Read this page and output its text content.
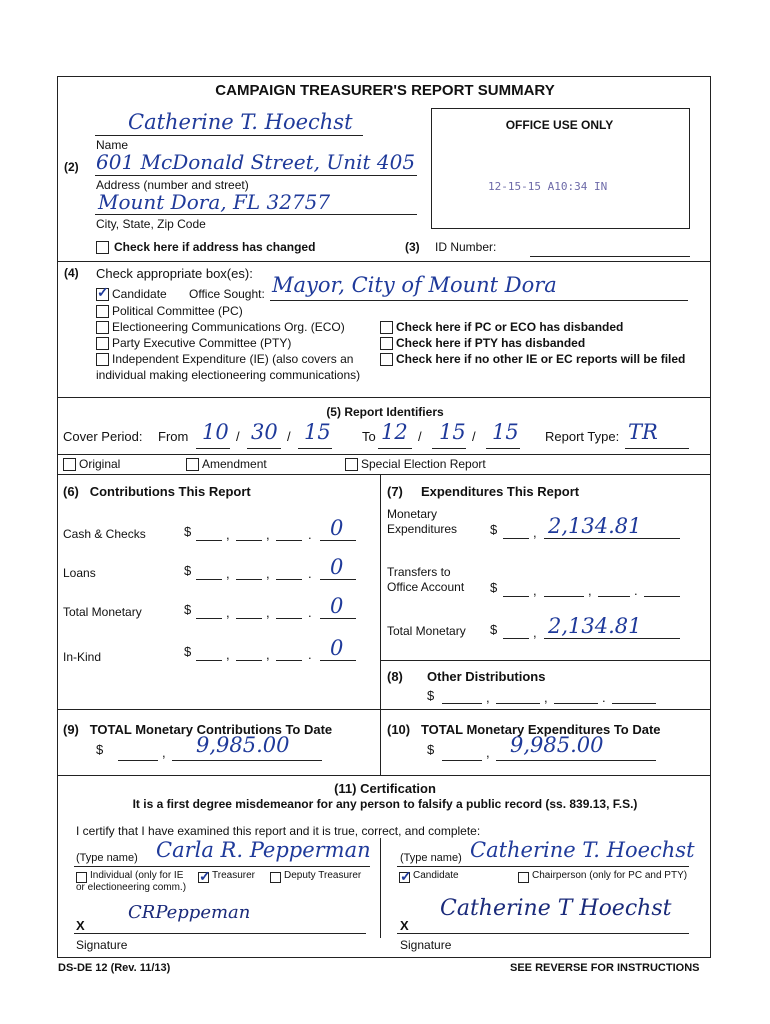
CAMPAIGN TREASURER'S REPORT SUMMARY
Catherine T. Hoechst
Name
(2) 601 McDonald Street, Unit 405
Address (number and street)
Mount Dora, FL 32757
City, State, Zip Code
Check here if address has changed
OFFICE USE ONLY
12-15-15 A10:34 IN
(3) ID Number:
(4) Check appropriate box(es):
✓
Candidate Office Sought: Mayor, City of Mount Dora
Political Committee (PC)
Electioneering Communications Org. (ECO)
Party Executive Committee (PTY)
Independent Expenditure (IE) (also covers an
individual making electioneering communications)
Check here if PC or ECO has disbanded
Check here if PTY has disbanded
Check here if no other IE or EC reports will be filed
(5) Report Identifiers
Cover Period: From 10 / 30 / 15 To 12 / 15 / 15 Report Type: TR
Original	Amendment	Special Election Report
(6)   Contributions This Report
Cash & Checks	$	,	,	. 0
Loans	$	,	,	. 0
Total Monetary	$	,	,	. 0
In-Kind	$	,	,	. 0
(7)     Expenditures This Report
Monetary
Expenditures	$	, 2,134.81
Transfers to
Office Account $	,	,	.
Total Monetary $	, 2,134.81
(8) Other Distributions
$	,	,	.
(9)   TOTAL Monetary Contributions To Date
$	, 9,985.00
(10)   TOTAL Monetary Expenditures To Date
$	, 9,985.00
(11) Certification
It is a first degree misdemeanor for any person to falsify a public record (ss. 839.13, F.S.)
I certify that I have examined this report and it is true, correct, and complete:
(Type name) Carla R. Pepperman
Individual (only for IE
or electioneering comm.)
✓
Treasurer	Deputy Treasurer
(Type name) Catherine T. Hoechst
✓
Candidate	Chairperson (only for PC and PTY)
X
CRPeppeman
Signature
X
Catherine T Hoechst
Signature
DS-DE 12 (Rev. 11/13)	SEE REVERSE FOR INSTRUCTIONS
